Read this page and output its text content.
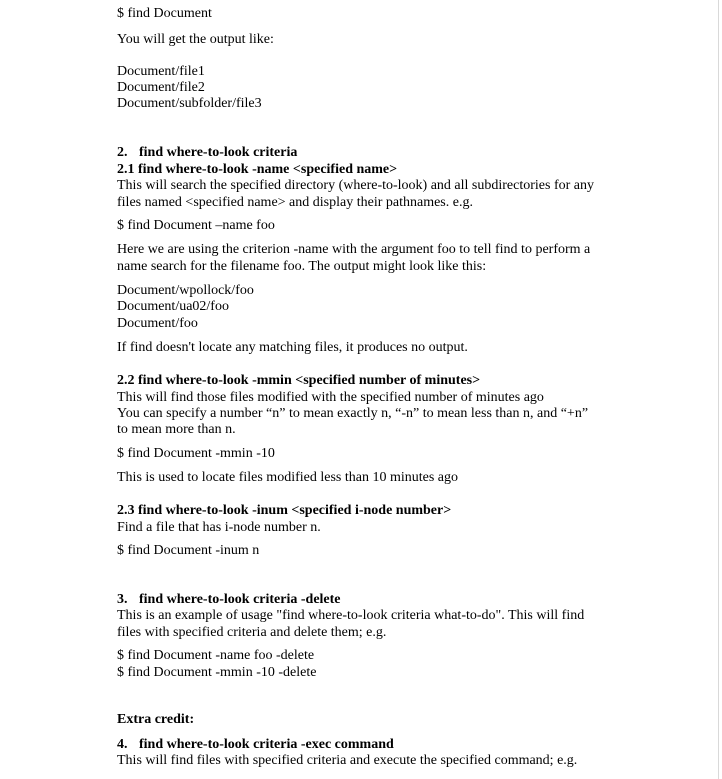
$ find Document
You will get the output like:
Document/file1
Document/file2
Document/subfolder/file3
2. find where-to-look criteria
2.1 find where-to-look -name <specified name>
This will search the specified directory (where-to-look) and all subdirectories for any
files named <specified name> and display their pathnames. e.g.
$ find Document –name foo
Here we are using the criterion -name with the argument foo to tell find to perform a
name search for the filename foo. The output might look like this:
Document/wpollock/foo
Document/ua02/foo
Document/foo
If find doesn't locate any matching files, it produces no output.
2.2 find where-to-look -mmin <specified number of minutes>
This will find those files modified with the specified number of minutes ago
You can specify a number “n” to mean exactly n, “-n” to mean less than n, and “+n”
to mean more than n.
$ find Document -mmin -10
This is used to locate files modified less than 10 minutes ago
2.3 find where-to-look -inum <specified i-node number>
Find a file that has i-node number n.
$ find Document -inum n
3. find where-to-look criteria -delete
This is an example of usage "find where-to-look criteria what-to-do". This will find
files with specified criteria and delete them; e.g.
$ find Document -name foo -delete
$ find Document -mmin -10 -delete
Extra credit:
4. find where-to-look criteria -exec command
This will find files with specified criteria and execute the specified command; e.g.
